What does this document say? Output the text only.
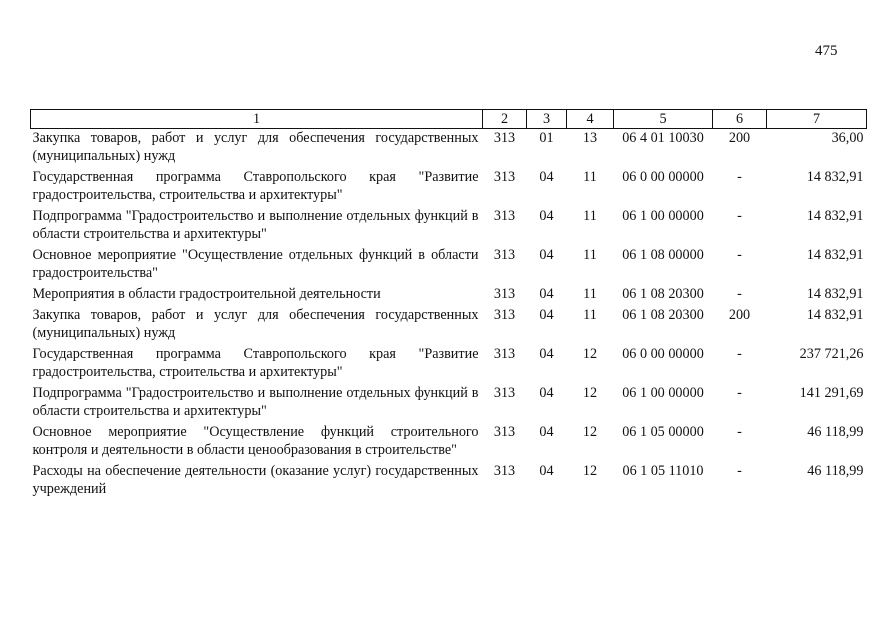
475
1	2	3	4	5	6	7
Закупка товаров, работ и услуг для обеспечения государственных (муниципальных) нужд	313	01	13	06 4 01 10030	200	36,00
Государственная программа Ставропольского края "Развитие градостроительства, строительства и архитектуры"	313	04	11	06 0 00 00000	-	14 832,91
Подпрограмма "Градостроительство и выполнение отдельных функций в области строительства и архитектуры"	313	04	11	06 1 00 00000	-	14 832,91
Основное мероприятие "Осуществление отдельных функций в области градостроительства"	313	04	11	06 1 08 00000	-	14 832,91
Мероприятия в области градостроительной деятельности	313	04	11	06 1 08 20300	-	14 832,91
Закупка товаров, работ и услуг для обеспечения государственных (муниципальных) нужд	313	04	11	06 1 08 20300	200	14 832,91
Государственная программа Ставропольского края "Развитие градостроительства, строительства и архитектуры"	313	04	12	06 0 00 00000	-	237 721,26
Подпрограмма "Градостроительство и выполнение отдельных функций в области строительства и архитектуры"	313	04	12	06 1 00 00000	-	141 291,69
Основное мероприятие "Осуществление функций строительного контроля и деятельности в области ценообразования в строительстве"	313	04	12	06 1 05 00000	-	46 118,99
Расходы на обеспечение деятельности (оказание услуг) государственных учреждений	313	04	12	06 1 05 11010	-	46 118,99
